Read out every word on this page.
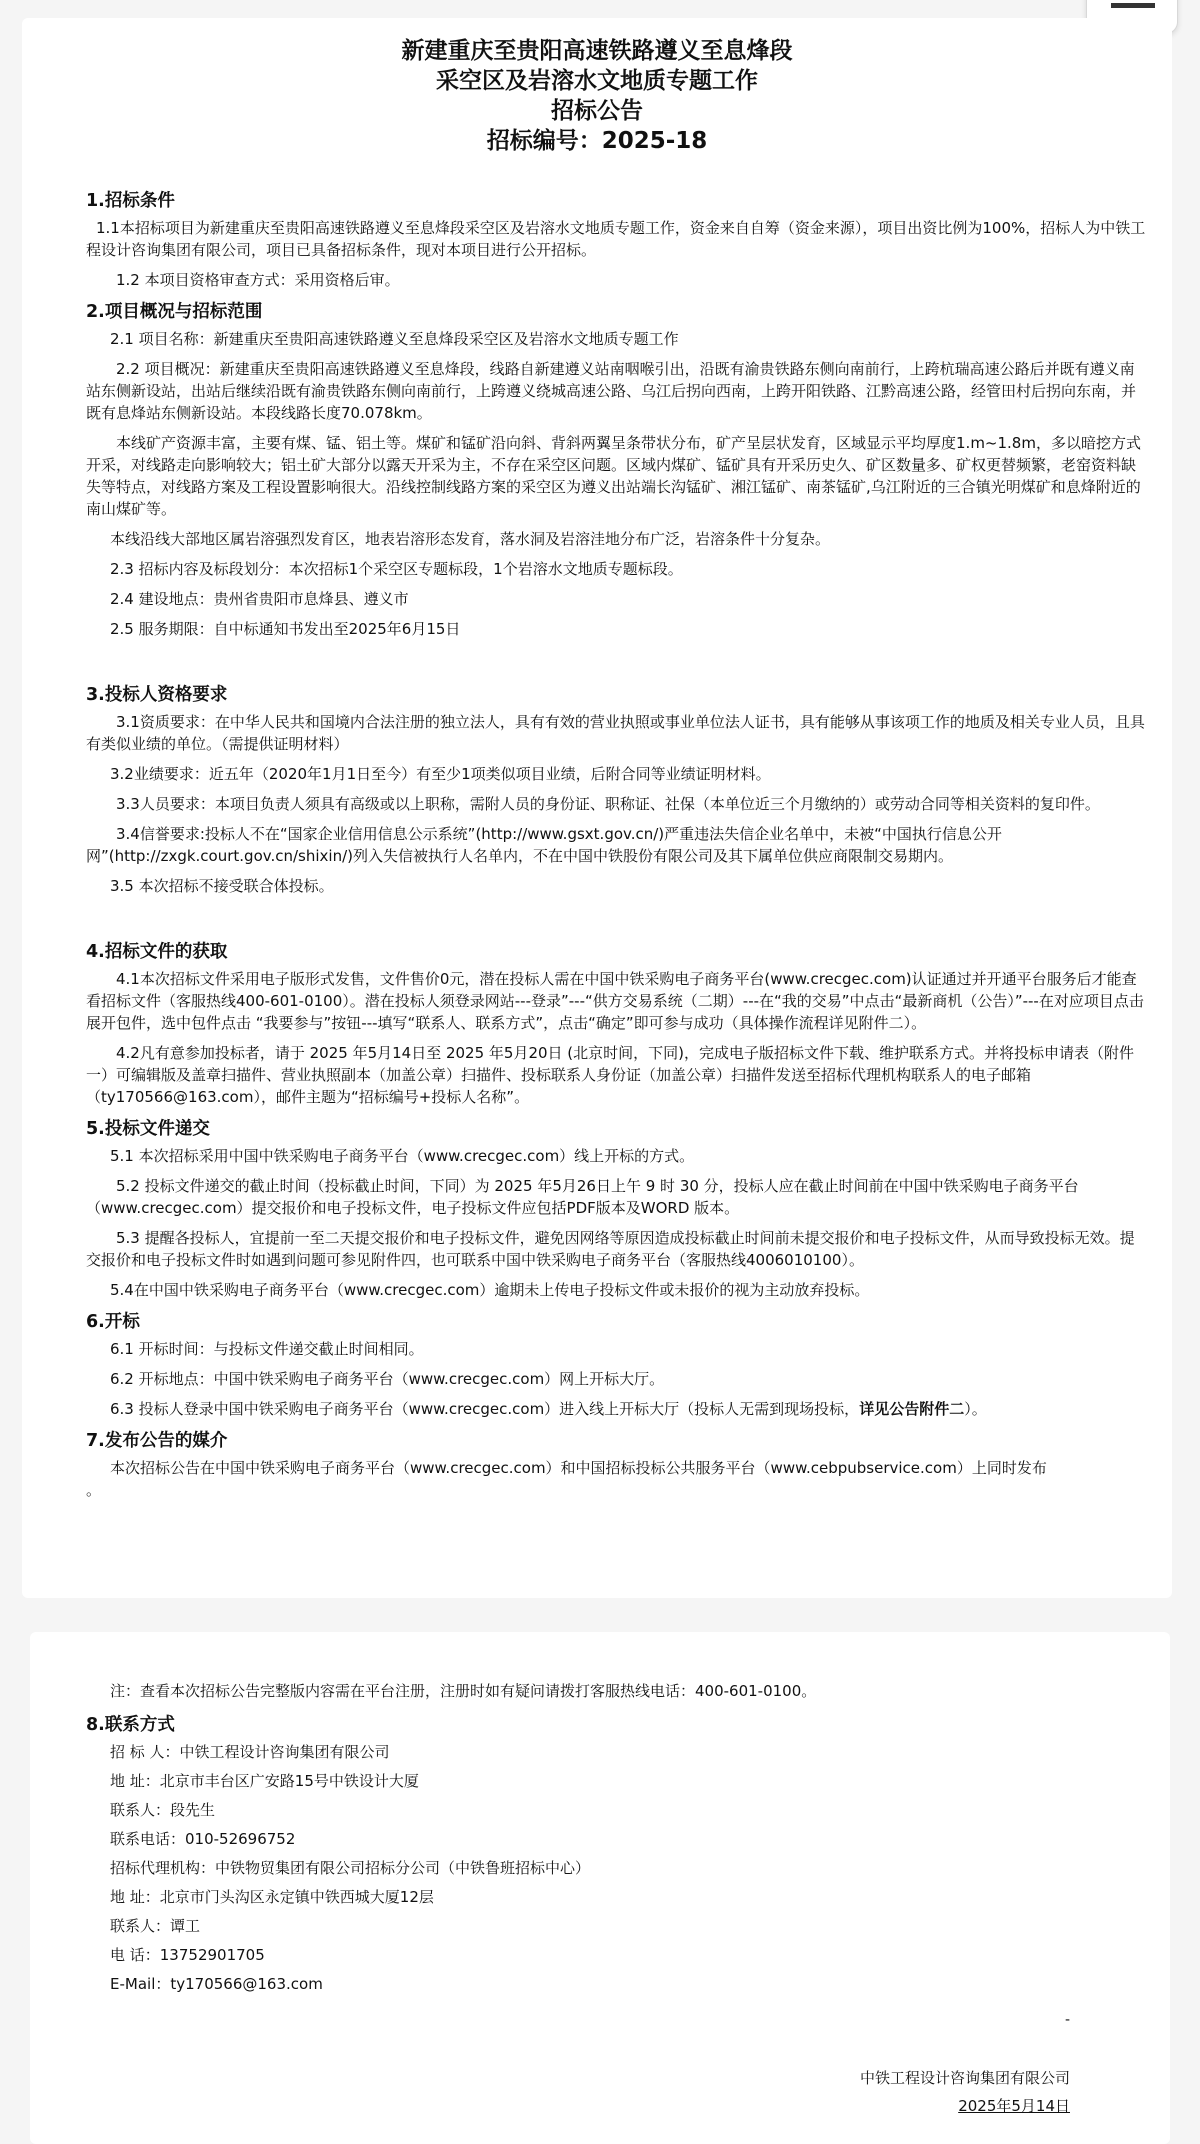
新建重庆至贵阳高速铁路遵义至息烽段
采空区及岩溶水文地质专题工作
招标公告
招标编号：2025-18
1.招标条件
1.1本招标项目为新建重庆至贵阳高速铁路遵义至息烽段采空区及岩溶水文地质专题工作，资金来自自筹（资金来源），项目出资比例为100%，招标人为中铁工程设计咨询集团有限公司，项目已具备招标条件，现对本项目进行公开招标。
1.2 本项目资格审查方式：采用资格后审。
2.项目概况与招标范围
2.1 项目名称：新建重庆至贵阳高速铁路遵义至息烽段采空区及岩溶水文地质专题工作
2.2 项目概况：新建重庆至贵阳高速铁路遵义至息烽段，线路自新建遵义站南咽喉引出，沿既有渝贵铁路东侧向南前行，上跨杭瑞高速公路后并既有遵义南站东侧新设站，出站后继续沿既有渝贵铁路东侧向南前行，上跨遵义绕城高速公路、乌江后拐向西南，上跨开阳铁路、江黔高速公路，经管田村后拐向东南，并既有息烽站东侧新设站。本段线路长度70.078km。
本线矿产资源丰富，主要有煤、锰、铝土等。煤矿和锰矿沿向斜、背斜两翼呈条带状分布，矿产呈层状发育，区域显示平均厚度1.m~1.8m，多以暗挖方式开采，对线路走向影响较大；铝土矿大部分以露天开采为主，不存在采空区问题。区域内煤矿、锰矿具有开采历史久、矿区数量多、矿权更替频繁，老窑资料缺失等特点，对线路方案及工程设置影响很大。沿线控制线路方案的采空区为遵义出站端长沟锰矿、湘江锰矿、南茶锰矿,乌江附近的三合镇光明煤矿和息烽附近的南山煤矿等。
本线沿线大部地区属岩溶强烈发育区，地表岩溶形态发育，落水洞及岩溶洼地分布广泛，岩溶条件十分复杂。
2.3 招标内容及标段划分：本次招标1个采空区专题标段，1个岩溶水文地质专题标段。
2.4 建设地点：贵州省贵阳市息烽县、遵义市
2.5 服务期限：自中标通知书发出至2025年6月15日
3.投标人资格要求
3.1资质要求：在中华人民共和国境内合法注册的独立法人，具有有效的营业执照或事业单位法人证书，具有能够从事该项工作的地质及相关专业人员，且具有类似业绩的单位。（需提供证明材料）
3.2业绩要求：近五年（2020年1月1日至今）有至少1项类似项目业绩，后附合同等业绩证明材料。
3.3人员要求：本项目负责人须具有高级或以上职称，需附人员的身份证、职称证、社保（本单位近三个月缴纳的）或劳动合同等相关资料的复印件。
3.4信誉要求:投标人不在“国家企业信用信息公示系统”(http://www.gsxt.gov.cn/)严重违法失信企业名单中，未被“中国执行信息公开网”(http://zxgk.court.gov.cn/shixin/)列入失信被执行人名单内，不在中国中铁股份有限公司及其下属单位供应商限制交易期内。
3.5 本次招标不接受联合体投标。
4.招标文件的获取
4.1本次招标文件采用电子版形式发售，文件售价0元，潜在投标人需在中国中铁采购电子商务平台(www.crecgec.com)认证通过并开通平台服务后才能查看招标文件（客服热线400-601-0100）。潜在投标人须登录网站---登录”---“供方交易系统（二期）---在“我的交易”中点击“最新商机（公告）”---在对应项目点击展开包件，选中包件点击 “我要参与”按钮---填写“联系人、联系方式”，点击“确定”即可参与成功（具体操作流程详见附件二）。
4.2凡有意参加投标者，请于 2025 年5月14日至 2025 年5月20日 (北京时间，下同)，完成电子版招标文件下载、维护联系方式。并将投标申请表（附件一）可编辑版及盖章扫描件、营业执照副本（加盖公章）扫描件、投标联系人身份证（加盖公章）扫描件发送至招标代理机构联系人的电子邮箱（ty170566@163.com），邮件主题为“招标编号+投标人名称”。
5.投标文件递交
5.1 本次招标采用中国中铁采购电子商务平台（www.crecgec.com）线上开标的方式。
5.2 投标文件递交的截止时间（投标截止时间，下同）为 2025 年5月26日上午 9 时 30 分，投标人应在截止时间前在中国中铁采购电子商务平台（www.crecgec.com）提交报价和电子投标文件，电子投标文件应包括PDF版本及WORD 版本。
5.3 提醒各投标人，宜提前一至二天提交报价和电子投标文件，避免因网络等原因造成投标截止时间前未提交报价和电子投标文件，从而导致投标无效。提交报价和电子投标文件时如遇到问题可参见附件四，也可联系中国中铁采购电子商务平台（客服热线4006010100）。
5.4在中国中铁采购电子商务平台（www.crecgec.com）逾期未上传电子投标文件或未报价的视为主动放弃投标。
6.开标
6.1 开标时间：与投标文件递交截止时间相同。
6.2 开标地点：中国中铁采购电子商务平台（www.crecgec.com）网上开标大厅。
6.3 投标人登录中国中铁采购电子商务平台（www.crecgec.com）进入线上开标大厅（投标人无需到现场投标，详见公告附件二）。
7.发布公告的媒介
本次招标公告在中国中铁采购电子商务平台（www.crecgec.com）和中国招标投标公共服务平台（www.cebpubservice.com）上同时发布
。
注：查看本次招标公告完整版内容需在平台注册，注册时如有疑问请拨打客服热线电话：400-601-0100。
8.联系方式
招 标 人：中铁工程设计咨询集团有限公司
地 址：北京市丰台区广安路15号中铁设计大厦
联系人：段先生
联系电话：010-52696752
招标代理机构：中铁物贸集团有限公司招标分公司（中铁鲁班招标中心）
地 址：北京市门头沟区永定镇中铁西城大厦12层
联系人：谭工
电 话：13752901705
E-Mail：ty170566@163.com
-
中铁工程设计咨询集团有限公司
2025年5月14日
